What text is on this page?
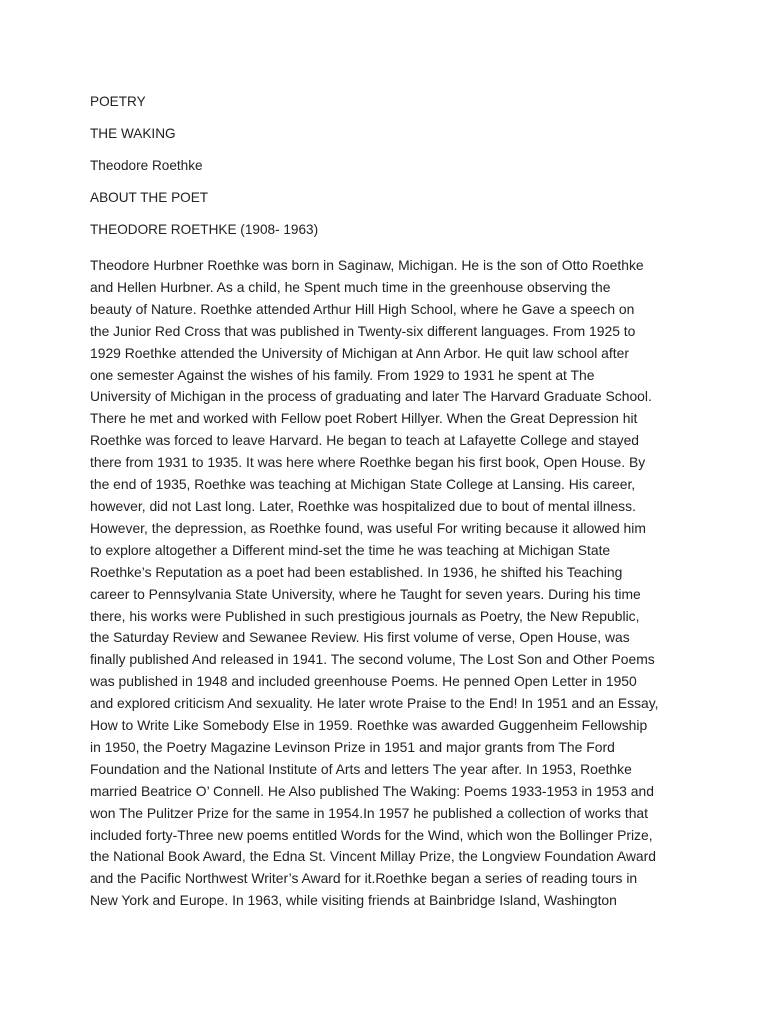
POETRY
THE WAKING
Theodore Roethke
ABOUT THE POET
THEODORE ROETHKE (1908- 1963)
Theodore Hurbner Roethke was born in Saginaw, Michigan. He is the son of Otto Roethke
and Hellen Hurbner. As a child, he Spent much time in the greenhouse observing the
beauty of Nature. Roethke attended Arthur Hill High School, where he Gave a speech on
the Junior Red Cross that was published in Twenty-six different languages. From 1925 to
1929 Roethke attended the University of Michigan at Ann Arbor. He quit law school after
one semester Against the wishes of his family. From 1929 to 1931 he spent at The
University of Michigan in the process of graduating and later The Harvard Graduate School.
There he met and worked with Fellow poet Robert Hillyer. When the Great Depression hit
Roethke was forced to leave Harvard. He began to teach at Lafayette College and stayed
there from 1931 to 1935. It was here where Roethke began his first book, Open House. By
the end of 1935, Roethke was teaching at Michigan State College at Lansing. His career,
however, did not Last long. Later, Roethke was hospitalized due to bout of mental illness.
However, the depression, as Roethke found, was useful For writing because it allowed him
to explore altogether a Different mind-set the time he was teaching at Michigan State
Roethke’s Reputation as a poet had been established. In 1936, he shifted his Teaching
career to Pennsylvania State University, where he Taught for seven years. During his time
there, his works were Published in such prestigious journals as Poetry, the New Republic,
the Saturday Review and Sewanee Review. His first volume of verse, Open House, was
finally published And released in 1941. The second volume, The Lost Son and Other Poems
was published in 1948 and included greenhouse Poems. He penned Open Letter in 1950
and explored criticism And sexuality. He later wrote Praise to the End! In 1951 and an Essay,
How to Write Like Somebody Else in 1959. Roethke was awarded Guggenheim Fellowship
in 1950, the Poetry Magazine Levinson Prize in 1951 and major grants from The Ford
Foundation and the National Institute of Arts and letters The year after. In 1953, Roethke
married Beatrice O’ Connell. He Also published The Waking: Poems 1933-1953 in 1953 and
won The Pulitzer Prize for the same in 1954.In 1957 he published a collection of works that
included forty-Three new poems entitled Words for the Wind, which won the Bollinger Prize,
the National Book Award, the Edna St. Vincent Millay Prize, the Longview Foundation Award
and the Pacific Northwest Writer’s Award for it.Roethke began a series of reading tours in
New York and Europe. In 1963, while visiting friends at Bainbridge Island, Washington
